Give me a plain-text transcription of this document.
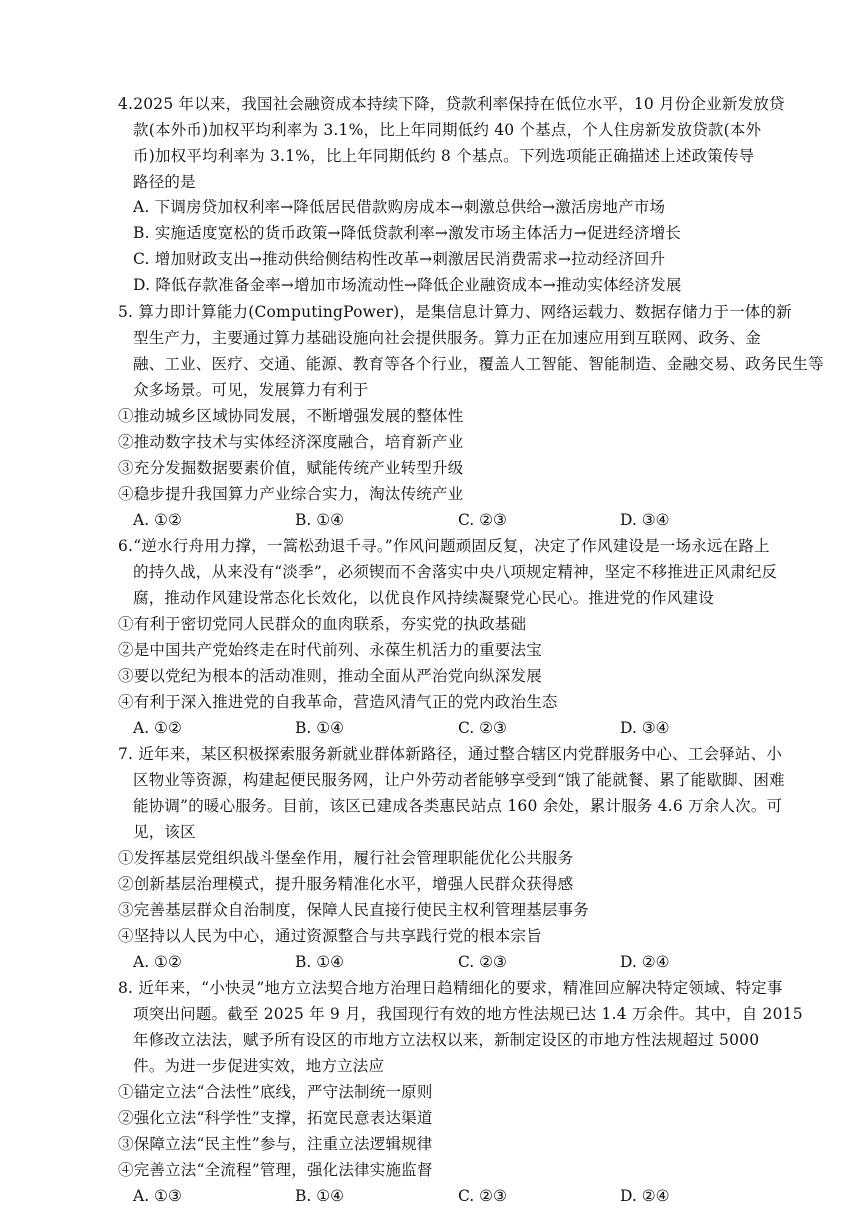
4.2025 年以来，我国社会融资成本持续下降，贷款利率保持在低位水平，10 月份企业新发放贷
款(本外币)加权平均利率为 3.1%，比上年同期低约 40 个基点，个人住房新发放贷款(本外
币)加权平均利率为 3.1%，比上年同期低约 8 个基点。下列选项能正确描述上述政策传导
路径的是
A. 下调房贷加权利率→降低居民借款购房成本→刺激总供给→激活房地产市场
B. 实施适度宽松的货币政策→降低贷款利率→激发市场主体活力→促进经济增长
C. 增加财政支出→推动供给侧结构性改革→刺激居民消费需求→拉动经济回升
D. 降低存款准备金率→增加市场流动性→降低企业融资成本→推动实体经济发展
5. 算力即计算能力(ComputingPower)，是集信息计算力、网络运载力、数据存储力于一体的新
型生产力，主要通过算力基础设施向社会提供服务。算力正在加速应用到互联网、政务、金
融、工业、医疗、交通、能源、教育等各个行业，覆盖人工智能、智能制造、金融交易、政务民生等
众多场景。可见，发展算力有利于
①推动城乡区域协同发展，不断增强发展的整体性
②推动数字技术与实体经济深度融合，培育新产业
③充分发掘数据要素价值，赋能传统产业转型升级
④稳步提升我国算力产业综合实力，淘汰传统产业
A. ①②	B. ①④	C. ②③	D. ③④
6.“逆水行舟用力撑，一篙松劲退千寻。”作风问题顽固反复，决定了作风建设是一场永远在路上
的持久战，从来没有“淡季”，必须锲而不舍落实中央八项规定精神，坚定不移推进正风肃纪反
腐，推动作风建设常态化长效化，以优良作风持续凝聚党心民心。推进党的作风建设
①有利于密切党同人民群众的血肉联系，夯实党的执政基础
②是中国共产党始终走在时代前列、永葆生机活力的重要法宝
③要以党纪为根本的活动准则，推动全面从严治党向纵深发展
④有利于深入推进党的自我革命，营造风清气正的党内政治生态
A. ①②	B. ①④	C. ②③	D. ③④
7. 近年来，某区积极探索服务新就业群体新路径，通过整合辖区内党群服务中心、工会驿站、小
区物业等资源，构建起便民服务网，让户外劳动者能够享受到“饿了能就餐、累了能歇脚、困难
能协调”的暖心服务。目前，该区已建成各类惠民站点 160 余处，累计服务 4.6 万余人次。可
见，该区
①发挥基层党组织战斗堡垒作用，履行社会管理职能优化公共服务
②创新基层治理模式，提升服务精准化水平，增强人民群众获得感
③完善基层群众自治制度，保障人民直接行使民主权利管理基层事务
④坚持以人民为中心，通过资源整合与共享践行党的根本宗旨
A. ①②	B. ①④	C. ②③	D. ②④
8. 近年来，“小快灵”地方立法契合地方治理日趋精细化的要求，精准回应解决特定领域、特定事
项突出问题。截至 2025 年 9 月，我国现行有效的地方性法规已达 1.4 万余件。其中，自 2015
年修改立法法，赋予所有设区的市地方立法权以来，新制定设区的市地方性法规超过 5000
件。为进一步促进实效，地方立法应
①锚定立法“合法性”底线，严守法制统一原则
②强化立法“科学性”支撑，拓宽民意表达渠道
③保障立法“民主性”参与，注重立法逻辑规律
④完善立法“全流程”管理，强化法律实施监督
A. ①③	B. ①④	C. ②③	D. ②④
